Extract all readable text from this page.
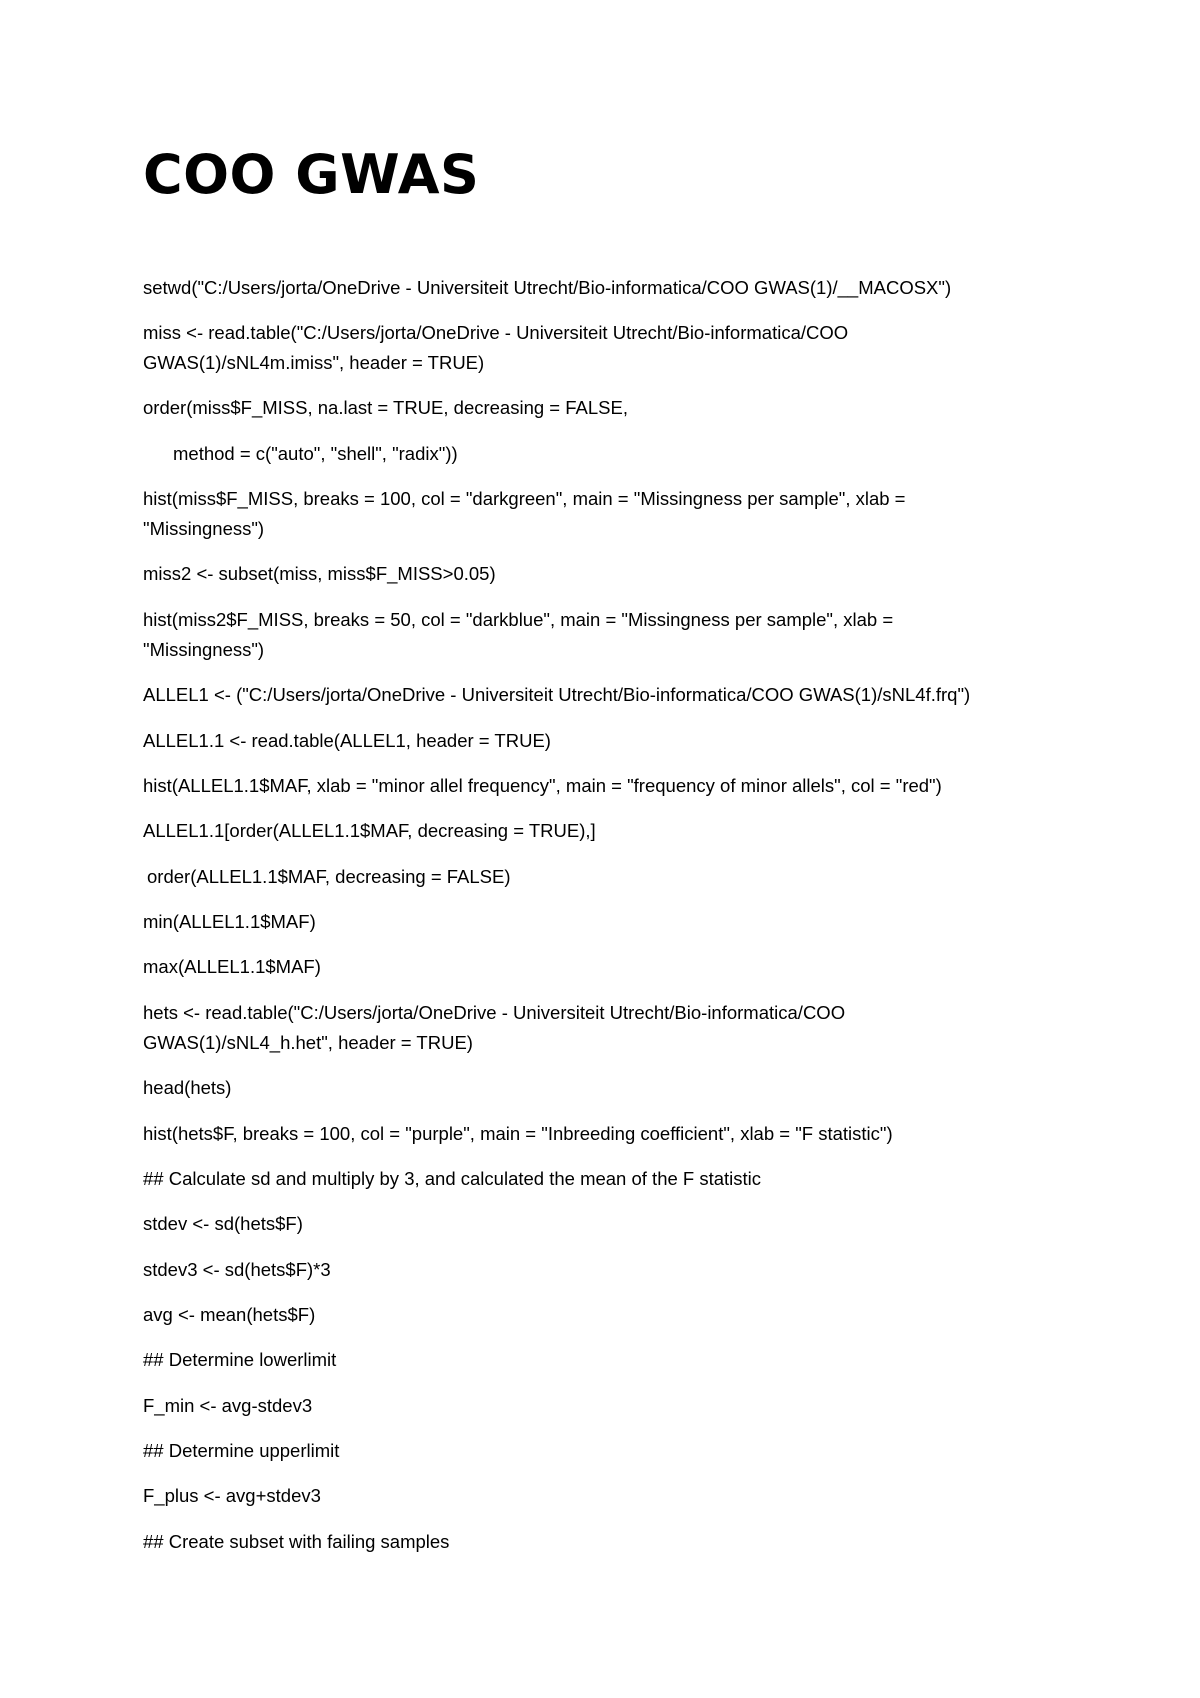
COO GWAS

setwd("C:/Users/jorta/OneDrive - Universiteit Utrecht/Bio-informatica/COO GWAS(1)/__MACOSX")

miss <- read.table("C:/Users/jorta/OneDrive - Universiteit Utrecht/Bio-informatica/COO

GWAS(1)/sNL4m.imiss", header = TRUE)

order(miss$F_MISS, na.last = TRUE, decreasing = FALSE,

method = c("auto", "shell", "radix"))

hist(miss$F_MISS, breaks = 100, col = "darkgreen", main = "Missingness per sample", xlab =

"Missingness")

miss2 <- subset(miss, miss$F_MISS>0.05)

hist(miss2$F_MISS, breaks = 50, col = "darkblue", main = "Missingness per sample", xlab =

"Missingness")

ALLEL1 <- ("C:/Users/jorta/OneDrive - Universiteit Utrecht/Bio-informatica/COO GWAS(1)/sNL4f.frq")

ALLEL1.1 <- read.table(ALLEL1, header = TRUE)

hist(ALLEL1.1$MAF, xlab = "minor allel frequency", main = "frequency of minor allels", col = "red")

ALLEL1.1[order(ALLEL1.1$MAF, decreasing = TRUE),]

order(ALLEL1.1$MAF, decreasing = FALSE)

min(ALLEL1.1$MAF)

max(ALLEL1.1$MAF)

hets <- read.table("C:/Users/jorta/OneDrive - Universiteit Utrecht/Bio-informatica/COO

GWAS(1)/sNL4_h.het", header = TRUE)

head(hets)

hist(hets$F, breaks = 100, col = "purple", main = "Inbreeding coefficient", xlab = "F statistic")

## Calculate sd and multiply by 3, and calculated the mean of the F statistic

stdev <- sd(hets$F)

stdev3 <- sd(hets$F)*3

avg <- mean(hets$F)

## Determine lowerlimit

F_min <- avg-stdev3

## Determine upperlimit

F_plus <- avg+stdev3

## Create subset with failing samples
